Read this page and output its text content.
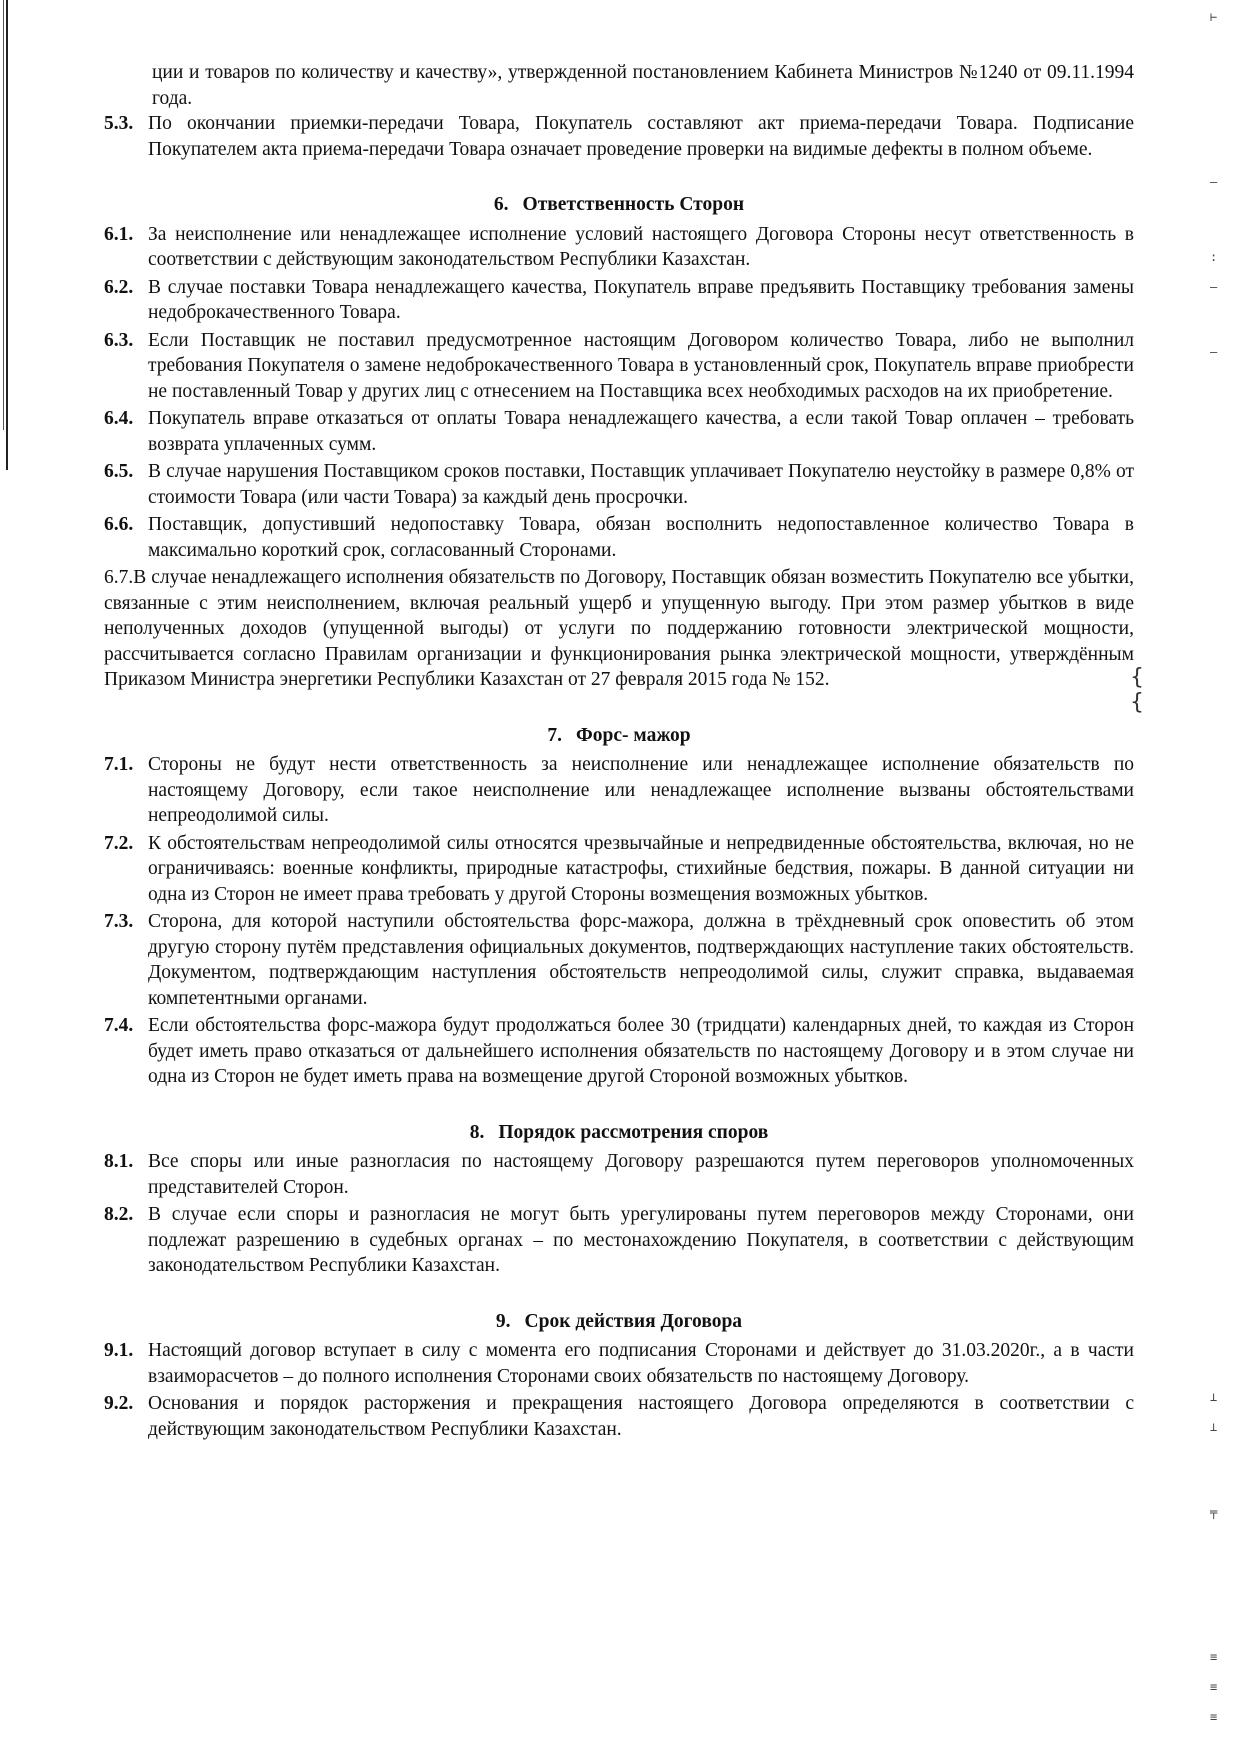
⊢
–
:
–
–
⊥
⊥
╤
≡
≡
≡
{
{

ции и товаров по количеству и качеству», утвержденной постановлением Кабинета Министров №1240 от 09.11.1994 года.

5.3. По окончании приемки-передачи Товара, Покупатель составляют акт приема-передачи Товара. Подписание Покупателем акта приема-передачи Товара означает проведение проверки на видимые дефекты в полном объеме.
6. Ответственность Сторон
6.1. За неисполнение или ненадлежащее исполнение условий настоящего Договора Стороны несут ответственность в соответствии с действующим законодательством Республики Казахстан.
6.2. В случае поставки Товара ненадлежащего качества, Покупатель вправе предъявить Поставщику требования замены недоброкачественного Товара.
6.3. Если Поставщик не поставил предусмотренное настоящим Договором количество Товара, либо не выполнил требования Покупателя о замене недоброкачественного Товара в установленный срок, Покупатель вправе приобрести не поставленный Товар у других лиц с отнесением на Поставщика всех необходимых расходов на их приобретение.
6.4. Покупатель вправе отказаться от оплаты Товара ненадлежащего качества, а если такой Товар оплачен – требовать возврата уплаченных сумм.
6.5. В случае нарушения Поставщиком сроков поставки, Поставщик уплачивает Покупателю неустойку в размере 0,8% от стоимости Товара (или части Товара) за каждый день просрочки.
6.6. Поставщик, допустивший недопоставку Товара, обязан восполнить недопоставленное количество Товара в максимально короткий срок, согласованный Сторонами.

6.7.В случае ненадлежащего исполнения обязательств по Договору, Поставщик обязан возместить Покупателю все убытки, связанные с этим неисполнением, включая реальный ущерб и упущенную выгоду. При этом размер убытков в виде неполученных доходов (упущенной выгоды) от услуги по поддержанию готовности электрической мощности, рассчитывается согласно Правилам организации и функционирования рынка электрической мощности, утверждённым Приказом Министра энергетики Республики Казахстан от 27 февраля 2015 года № 152.

7. Форс- мажор
7.1. Стороны не будут нести ответственность за неисполнение или ненадлежащее исполнение обязательств по настоящему Договору, если такое неисполнение или ненадлежащее исполнение вызваны обстоятельствами непреодолимой силы.
7.2. К обстоятельствам непреодолимой силы относятся чрезвычайные и непредвиденные обстоятельства, включая, но не ограничиваясь: военные конфликты, природные катастрофы, стихийные бедствия, пожары. В данной ситуации ни одна из Сторон не имеет права требовать у другой Стороны возмещения возможных убытков.
7.3. Сторона, для которой наступили обстоятельства форс-мажора, должна в трёхдневный срок оповестить об этом другую сторону путём представления официальных документов, подтверждающих наступление таких обстоятельств. Документом, подтверждающим наступления обстоятельств непреодолимой силы, служит справка, выдаваемая компетентными органами.
7.4. Если обстоятельства форс-мажора будут продолжаться более 30 (тридцати) календарных дней, то каждая из Сторон будет иметь право отказаться от дальнейшего исполнения обязательств по настоящему Договору и в этом случае ни одна из Сторон не будет иметь права на возмещение другой Стороной возможных убытков.
8. Порядок рассмотрения споров
8.1. Все споры или иные разногласия по настоящему Договору разрешаются путем переговоров уполномоченных представителей Сторон.
8.2. В случае если споры и разногласия не могут быть урегулированы путем переговоров между Сторонами, они подлежат разрешению в судебных органах – по местонахождению Покупателя, в соответствии с действующим законодательством Республики Казахстан.
9. Срок действия Договора
9.1. Настоящий договор вступает в силу с момента его подписания Сторонами и действует до 31.03.2020г., а в части взаиморасчетов – до полного исполнения Сторонами своих обязательств по настоящему Договору.
9.2. Основания и порядок расторжения и прекращения настоящего Договора определяются в соответствии с действующим законодательством Республики Казахстан.
